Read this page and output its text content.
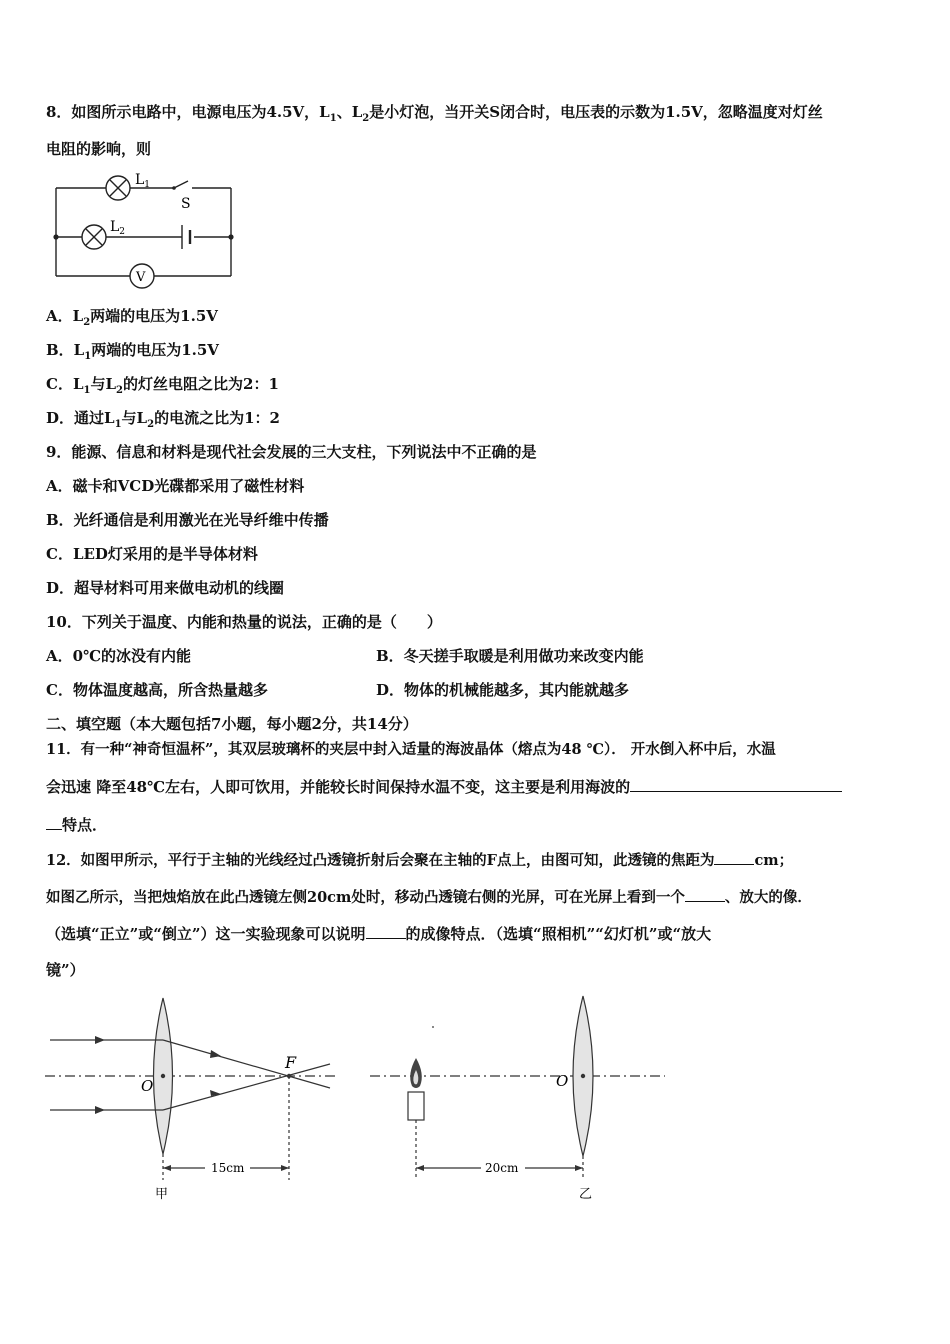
8．如图所示电路中，电源电压为4.5V，$L_1$、$L_2$是小灯泡，当开关S闭合时，电压表的示数为1.5V，忽略温度对灯丝
电阻的影响，则
$L_1$
S
$L_2$
V
A．$L_2$两端的电压为1.5V
B．$L_1$两端的电压为1.5V
C．$L_1$与$L_2$的灯丝电阻之比为2：1
D．通过$L_1$与$L_2$的电流之比为1：2
9．能源、信息和材料是现代社会发展的三大支柱，下列说法中不正确的是
A．磁卡和VCD光碟都采用了磁性材料
B．光纤通信是利用激光在光导纤维中传播
C．LED灯采用的是半导体材料
D．超导材料可用来做电动机的线圈
10．下列关于温度、内能和热量的说法，正确的是（　　）
A．0℃的冰没有内能	B．冬天搓手取暖是利用做功来改变内能
C．物体温度越高，所含热量越多	D．物体的机械能越多，其内能就越多
二、填空题（本大题包括7小题，每小题2分，共14分）
11．有一种“神奇恒温杯”，其双层玻璃杯的夹层中封入适量的海波晶体（熔点为48 ℃）． 开水倒入杯中后，水温
会迅速 降至48℃左右，人即可饮用，并能较长时间保持水温不变，这主要是利用海波的
特点．
12．如图甲所示，平行于主轴的光线经过凸透镜折射后会聚在主轴的F点上，由图可知，此透镜的焦距为	cm；
如图乙所示，当把烛焰放在此凸透镜左侧20cm处时，移动凸透镜右侧的光屏，可在光屏上看到一个	、放大的像．
（选填“正立”或“倒立”）这一实验现象可以说明	的成像特点．（选填“照相机”“幻灯机”或“放大
镜”）
O
F
15cm
甲
O
20cm
乙
